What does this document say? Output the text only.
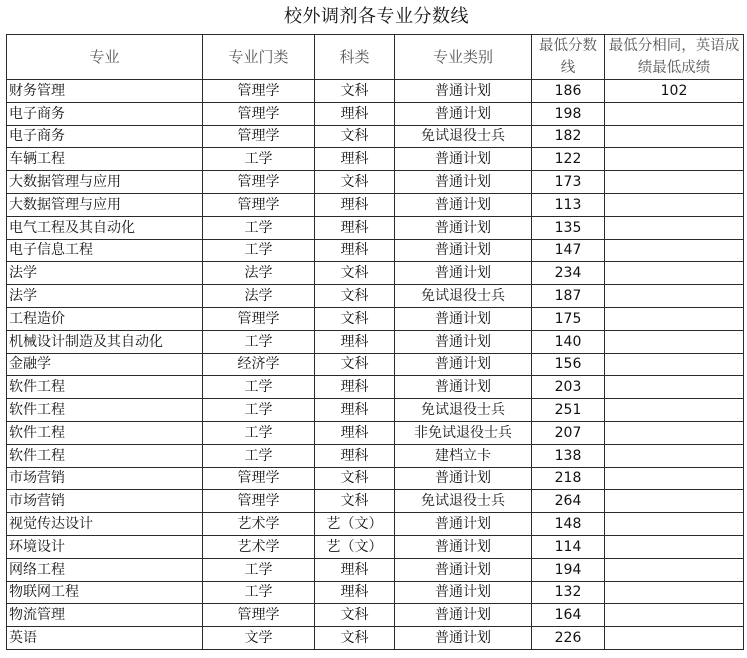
校外调剂各专业分数线
专业	专业门类	科类	专业类别	最低分数线	最低分相同，英语成绩最低成绩
财务管理	管理学	文科	普通计划	186	102
电子商务	管理学	理科	普通计划	198	
电子商务	管理学	文科	免试退役士兵	182	
车辆工程	工学	理科	普通计划	122	
大数据管理与应用	管理学	文科	普通计划	173	
大数据管理与应用	管理学	理科	普通计划	113	
电气工程及其自动化	工学	理科	普通计划	135	
电子信息工程	工学	理科	普通计划	147	
法学	法学	文科	普通计划	234	
法学	法学	文科	免试退役士兵	187	
工程造价	管理学	文科	普通计划	175	
机械设计制造及其自动化	工学	理科	普通计划	140	
金融学	经济学	文科	普通计划	156	
软件工程	工学	理科	普通计划	203	
软件工程	工学	理科	免试退役士兵	251	
软件工程	工学	理科	非免试退役士兵	207	
软件工程	工学	理科	建档立卡	138	
市场营销	管理学	文科	普通计划	218	
市场营销	管理学	文科	免试退役士兵	264	
视觉传达设计	艺术学	艺（文）	普通计划	148	
环境设计	艺术学	艺（文）	普通计划	114	
网络工程	工学	理科	普通计划	194	
物联网工程	工学	理科	普通计划	132	
物流管理	管理学	文科	普通计划	164	
英语	文学	文科	普通计划	226	
